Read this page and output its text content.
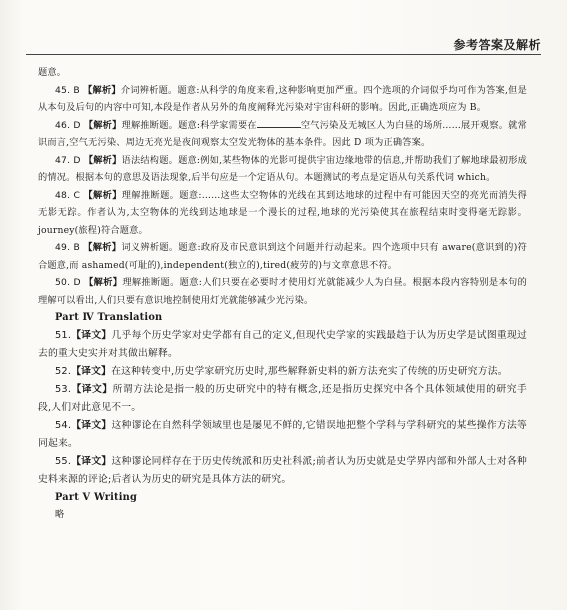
参考答案及解析

题意。

45. B 【解析】介词辨析题。题意:从科学的角度来看,这种影响更加严重。四个选项的介词似乎均可作为答案,但是从本句及后句的内容中可知,本段是作者从另外的角度阐释光污染对宇宙科研的影响。因此,正确选项应为 B。

46. D 【解析】理解推断题。题意:科学家需要在	空气污染及无城区人为白昼的场所……展开观察。就常识而言,空气无污染、周边无亮光是夜间观察太空发光物体的基本条件。因此 D 项为正确答案。

47. D 【解析】语法结构题。题意:例如,某些物体的光影可提供宇宙边缘地带的信息,并帮助我们了解地球最初形成的情况。根据本句的意思及语法现象,后半句应是一个定语从句。本题测试的考点是定语从句关系代词 which。

48. C 【解析】理解推断题。题意:……这些太空物体的光线在其到达地球的过程中有可能因天空的亮光而消失得无影无踪。作者认为,太空物体的光线到达地球是一个漫长的过程,地球的光污染使其在旅程结束时变得毫无踪影。journey(旅程)符合题意。

49. B 【解析】词义辨析题。题意:政府及市民意识到这个问题并行动起来。四个选项中只有 aware(意识到的)符合题意,而 ashamed(可耻的),independent(独立的),tired(疲劳的)与文章意思不符。

50. D 【解析】理解推断题。题意:人们只要在必要时才使用灯光就能减少人为白昼。根据本段内容特别是本句的理解可以看出,人们只要有意识地控制使用灯光就能够减少光污染。

Part Ⅳ Translation

51.【译文】几乎每个历史学家对史学都有自己的定义,但现代史学家的实践最趋于认为历史学是试图重现过去的重大史实并对其做出解释。

52.【译文】在这种转变中,历史学家研究历史时,那些解释新史料的新方法充实了传统的历史研究方法。

53.【译文】所谓方法论是指一般的历史研究中的特有概念,还是指历史探究中各个具体领域使用的研究手段,人们对此意见不一。

54.【译文】这种谬论在自然科学领域里也是屡见不鲜的,它错误地把整个学科与学科研究的某些操作方法等同起来。

55.【译文】这种谬论同样存在于历史传统派和历史社科派;前者认为历史就是史学界内部和外部人士对各种史料来源的评论;后者认为历史的研究是具体方法的研究。

Part V Writing

略
